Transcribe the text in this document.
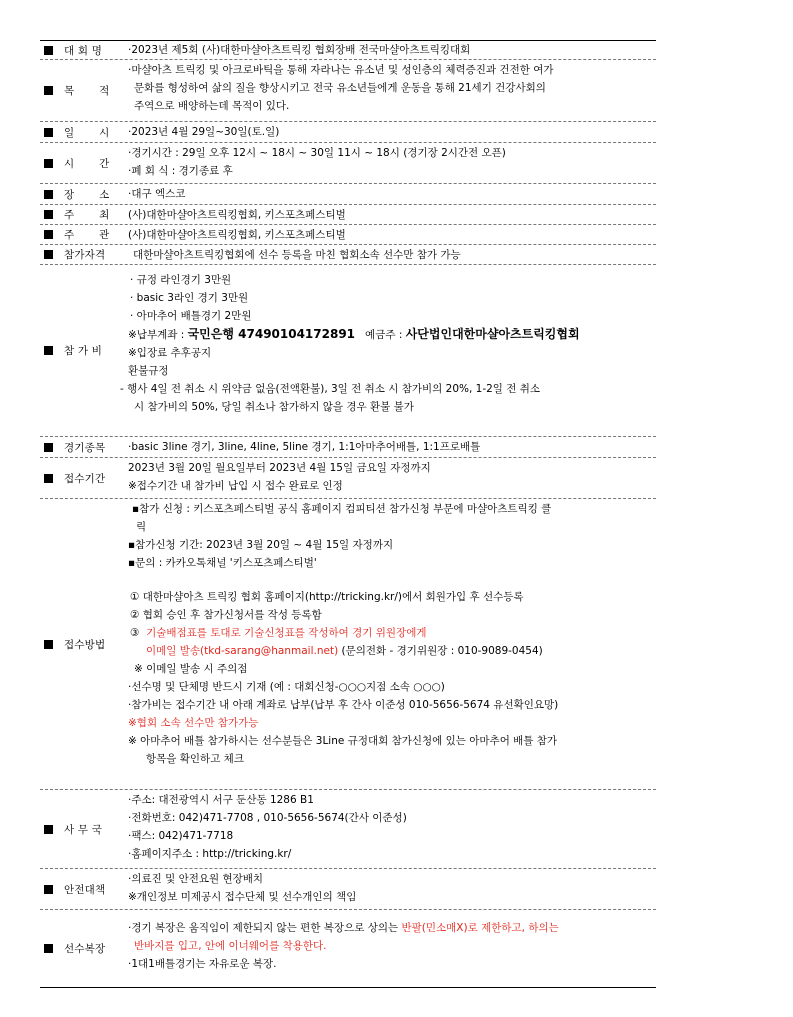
대 회 명 ·2023년 제5회 (사)대한마샬아츠트릭킹 협회장배 전국마샬아츠트릭킹대회
목       적
·마샬아츠 트릭킹 및 아크로바틱을 통해 자라나는 유소년 및 성인층의 체력증진과 건전한 여가
문화를 형성하여 삶의 질을 향상시키고 전국 유소년들에게 운동을 통해 21세기 건강사회의
주역으로 배양하는데 목적이 있다.
일       시 ·2023년 4월 29일~30일(토.일)
시       간
·경기시간 : 29일 오후 12시 ~ 18시 ~ 30일 11시 ~ 18시 (경기장 2시간전 오픈)
·폐 회 식 : 경기종료 후
장       소 ·대구 엑스코
주       최 (사)대한마샬아츠트릭킹협회, 키스포츠페스티벌
주       관 (사)대한마샬아츠트릭킹협회, 키스포츠페스티벌
참가자격	대한마샬아츠트릭킹협회에 선수 등록을 마친 협회소속 선수만 참가 가능
참 가 비
· 규정 라인경기 3만원
· basic 3라인 경기 3만원
· 아마추어 배틀경기 2만원
※납부계좌 : 국민은행 47490104172891   예금주 : 사단법인대한마샬아츠트릭킹협회
※입장료 추후공지
환불규정
- 행사 4일 전 취소 시 위약금 없음(전액환불), 3일 전 취소 시 참가비의 20%, 1-2일 전 취소
시 참가비의 50%, 당일 취소나 참가하지 않을 경우 환불 불가
경기종목 ·basic 3line 경기, 3line, 4line, 5line 경기, 1:1아마추어배틀, 1:1프로배틀
접수기간
2023년 3월 20일 월요일부터 2023년 4월 15일 금요일 자정까지
※접수기간 내 참가비 납입 시 접수 완료로 인정
접수방법
▪참가 신청 : 키스포츠페스티벌 공식 홈페이지 컴피티션 참가신청 부문에 마샬아츠트릭킹 클
릭
▪참가신청 기간: 2023년 3월 20일 ~ 4월 15일 자정까지
▪문의 : 카카오톡채널 '키스포츠페스티벌'
① 대한마샬아츠 트릭킹 협회 홈페이지(http://tricking.kr/)에서 회원가입 후 선수등록
② 협회 승인 후 참가신청서를 작성 등록함
③  기술배점표를 토대로 기술신청표를 작성하여 경기 위원장에게
이메일 발송(tkd-sarang@hanmail.net) (문의전화 - 경기위원장 : 010-9089-0454)
※ 이메일 발송 시 주의점
·선수명 및 단체명 반드시 기재 (예 : 대회신청-○○○지점 소속 ○○○)
·참가비는 접수기간 내 아래 계좌로 납부(납부 후 간사 이준성 010-5656-5674 유선확인요망)
※협회 소속 선수만 참가가능
※ 아마추어 배틀 참가하시는 선수분들은 3Line 규정대회 참가신청에 있는 아마추어 배틀 참가
항목을 확인하고 체크
사 무 국
·주소: 대전광역시 서구 둔산동 1286 B1
·전화번호: 042)471-7708 , 010-5656-5674(간사 이준성)
·팩스: 042)471-7718
·홈페이지주소 : http://tricking.kr/
안전대책
·의료진 및 안전요원 현장배치
※개인정보 미제공시 접수단체 및 선수개인의 책임
선수복장
·경기 복장은 움직임이 제한되지 않는 편한 복장으로 상의는 반팔(민소매X)로 제한하고, 하의는
반바지를 입고, 안에 이너웨어를 착용한다.
·1대1배틀경기는 자유로운 복장.
